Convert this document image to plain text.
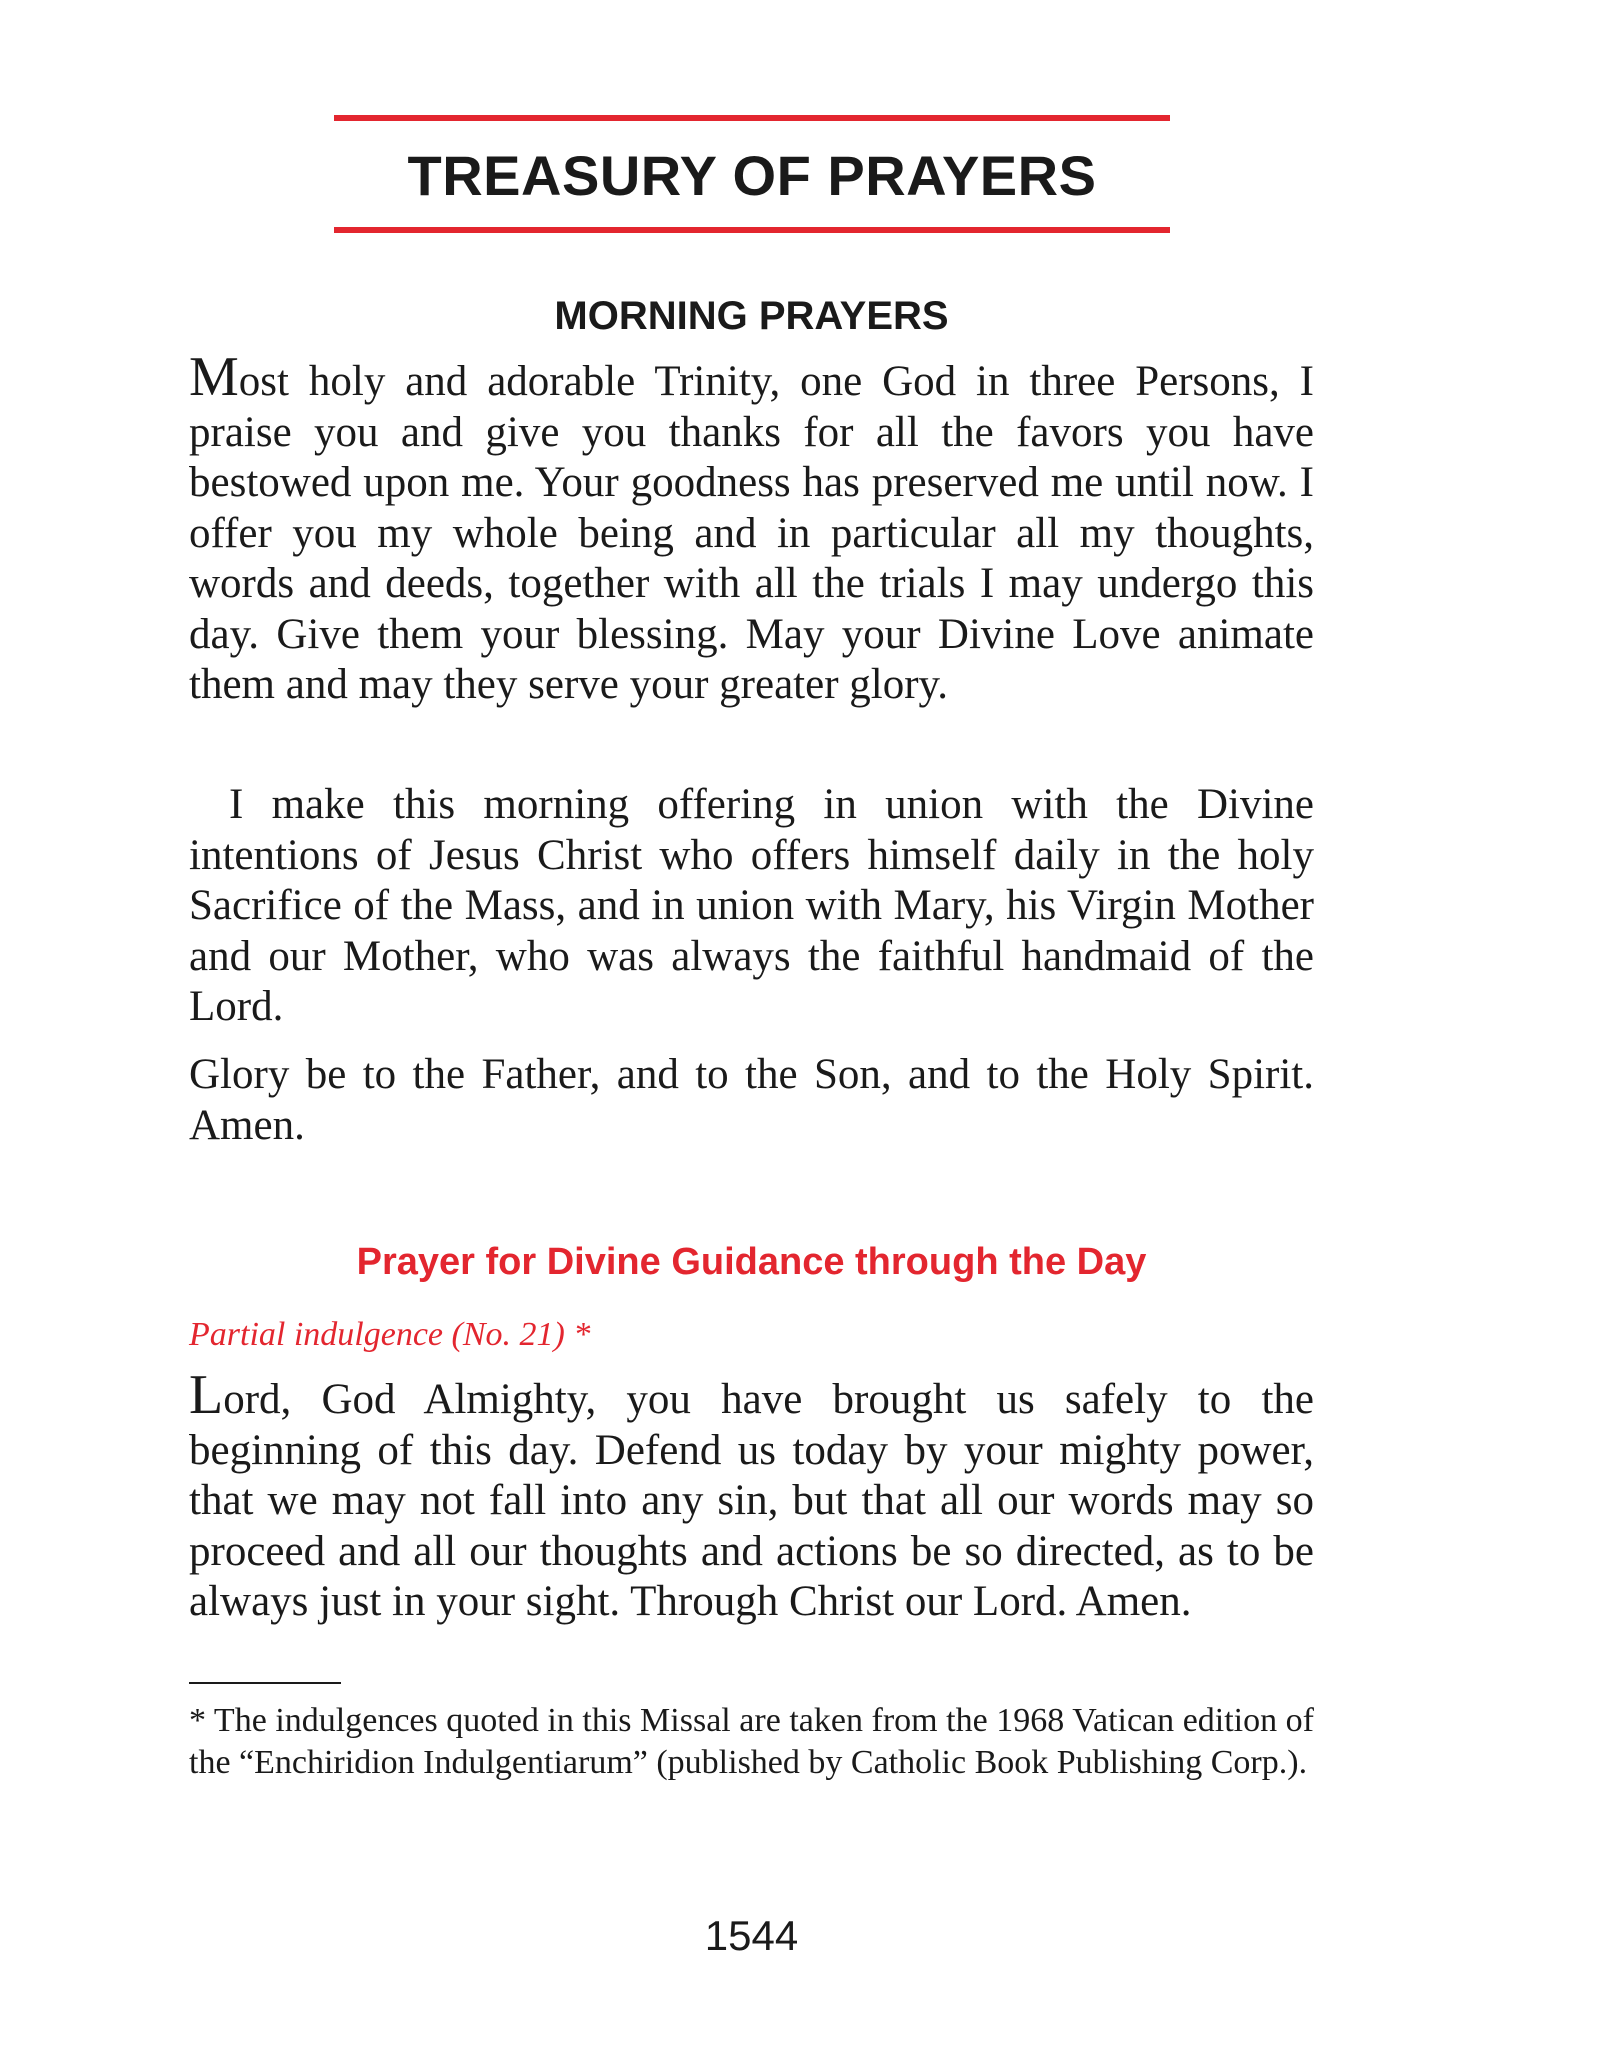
TREASURY OF PRAYERS
MORNING PRAYERS

Most holy and adorable Trinity, one God in three Persons, I praise you and give you thanks for all the favors you have bestowed upon me. Your goodness has preserved me until now. I offer you my whole being and in particular all my thoughts, words and deeds, together with all the trials I may undergo this day. Give them your blessing. May your Divine Love animate them and may they serve your greater glory.

I make this morning offering in union with the Divine intentions of Jesus Christ who offers himself daily in the holy Sacrifice of the Mass, and in union with Mary, his Virgin Mother and our Mother, who was always the faithful handmaid of the Lord.

Glory be to the Father, and to the Son, and to the Holy Spirit. Amen.

Prayer for Divine Guidance through the Day

Partial indulgence (No. 21) *

Lord, God Almighty, you have brought us safely to the beginning of this day. Defend us today by your mighty power, that we may not fall into any sin, but that all our words may so proceed and all our thoughts and actions be so directed, as to be always just in your sight. Through Christ our Lord. Amen.

* The indulgences quoted in this Missal are taken from the 1968 Vatican edition of the “Enchiridion Indulgentiarum” (published by Catholic Book Publishing Corp.).

1544
